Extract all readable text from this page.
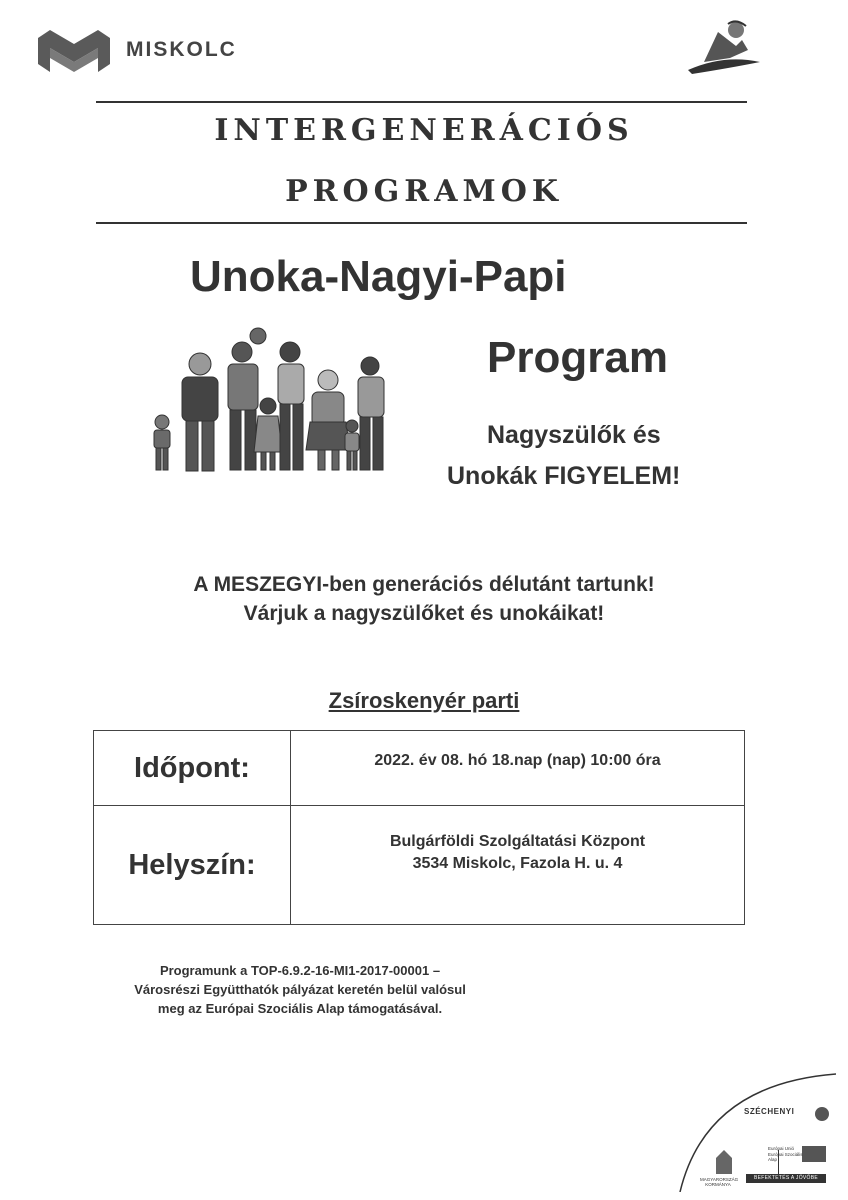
MISKOLC
INTERGENERÁCIÓS
PROGRAMOK
Unoka-Nagyi-Papi
Program
Nagyszülők és
Unokák FIGYELEM!
A MESZEGYI-ben generációs délutánt tartunk!
Várjuk a nagyszülőket és unokáikat!
Zsíroskenyér parti
Időpont:	2022. év 08. hó 18.nap (nap) 10:00 óra

Helyszín:	Bulgárföldi Szolgáltatási Központ
3534 Miskolc, Fazola H. u. 4
Programunk a TOP-6.9.2-16-MI1-2017-00001 –
Városrészi Együtthatók pályázat keretén belül valósul
meg az Európai Szociális Alap támogatásával.
SZÉCHENYI 2020
Európai Unió Európai Szociális Alap
MAGYARORSZÁG KORMÁNYA
BEFEKTETÉS A JÖVŐBE
